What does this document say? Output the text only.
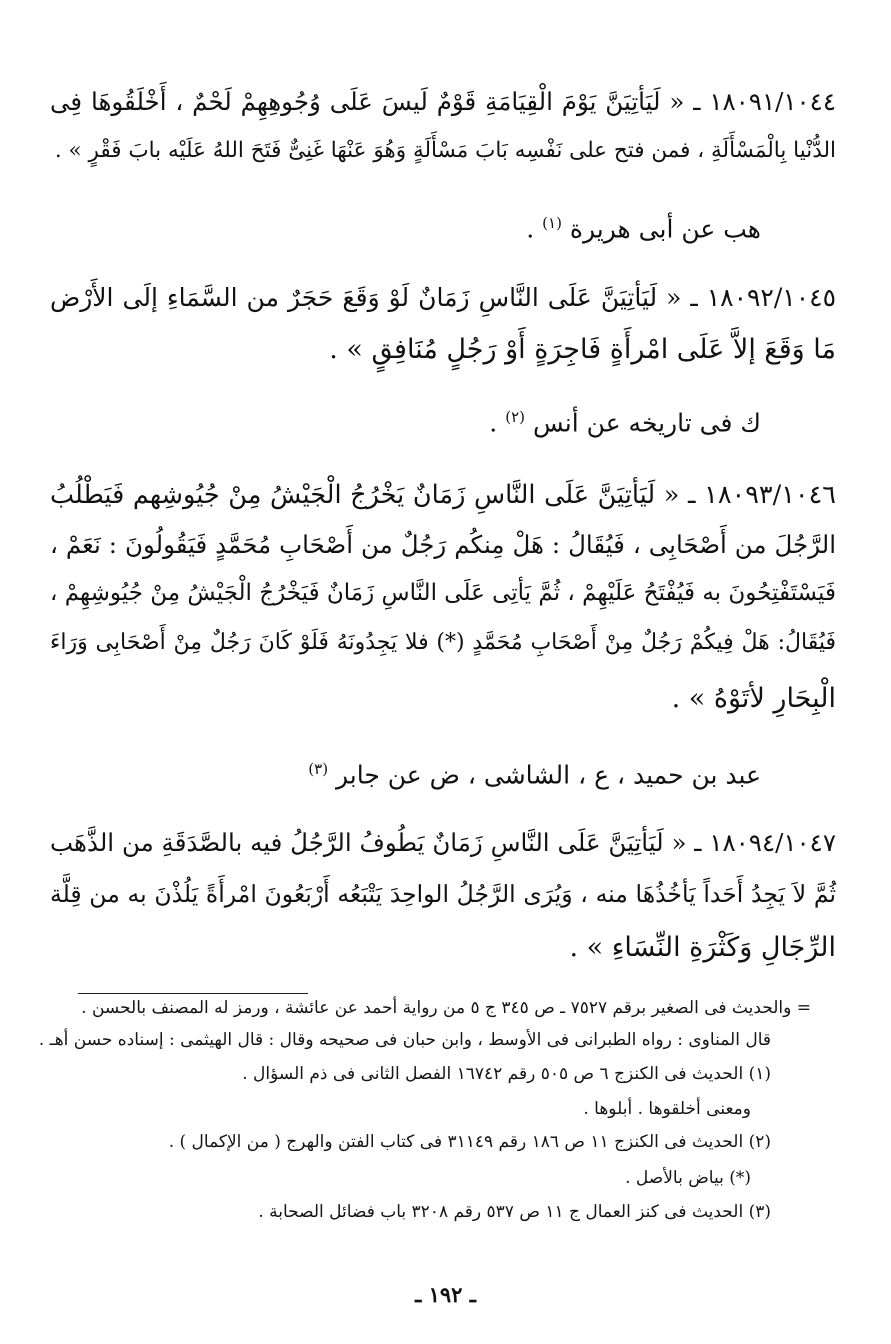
١٨٠٩١/١٠٤٤ ـ « لَيَأتِيَنَّ يَوْمَ الْقِيَامَةِ قَوْمٌ لَيسَ عَلَى وُجُوهِهِمْ لَحْمٌ ، أَخْلَقُوهَا فِى
الدُّنْيا بِالْمَسْأَلَةِ ، فمن فتح على نَفْسِه بَابَ مَسْأَلَةٍ وَهُوَ عَنْهَا غَنِىٌّ فَتَحَ اللهُ عَلَيْه بابَ فَقْرٍ » .
هب عن أبى هريرة $^{(١)}$ .
١٨٠٩٢/١٠٤٥ ـ « لَيَأتِيَنَّ عَلَى النَّاسِ زَمَانٌ لَوْ وَقَعَ حَجَرٌ من السَّمَاءِ إلَى الأَرْض
مَا وَقَعَ إلاَّ عَلَى امْرأَةٍ فَاجِرَةٍ أَوْ رَجُلٍ مُنَافِقٍ » .
ك فى تاريخه عن أنس $^{(٢)}$ .
١٨٠٩٣/١٠٤٦ ـ « لَيَأتِيَنَّ عَلَى النَّاسِ زَمَانٌ يَخْرُجُ الْجَيْشُ مِنْ جُيُوشِهم فَيَطْلُبُ
الرَّجُلَ من أَصْحَابِى ، فَيُقَالُ : هَلْ مِنكُم رَجُلٌ من أَصْحَابِ مُحَمَّدٍ فَيَقُولُونَ : نَعَمْ ،
فَيَسْتَفْتِحُونَ به فَيُفْتَحُ عَلَيْهِمْ ، ثُمَّ يَأتِى عَلَى النَّاسِ زَمَانٌ فَيَخْرُجُ الْجَيْشُ مِنْ جُيُوشِهِمْ ،
فَيُقَالُ: هَلْ فِيكُمْ رَجُلٌ مِنْ أَصْحَابِ مُحَمَّدٍ (*) فلا يَجِدُونَهُ فَلَوْ كَانَ رَجُلٌ مِنْ أَصْحَابِى وَرَاءَ
الْبِحَارِ لأتَوْهُ » .
عبد بن حميد ، ع ، الشاشى ، ض عن جابر $^{(٣)}$
١٨٠٩٤/١٠٤٧ ـ « لَيَأتِيَنَّ عَلَى النَّاسِ زَمَانٌ يَطُوفُ الرَّجُلُ فيه بالصَّدَقَةِ من الذَّهَب
ثُمَّ لاَ يَجِدُ أَحَداً يَأخُذُهَا منه ، وَيُرَى الرَّجُلُ الواحِدَ يَتْبَعُه أَرْبَعُونَ امْرأَةً يَلُذْنَ به من قِلَّة
الرِّجَالِ وَكَثْرَةِ النِّسَاءِ » .
= والحديث فى الصغير برقم ٧٥٢٧ ـ ص ٣٤٥ ج ٥ من رواية أحمد عن عائشة ، ورمز له المصنف بالحسن .
قال المناوى : رواه الطبرانى فى الأوسط ، وابن حبان فى صحيحه وقال : قال الهيثمى : إسناده حسن أهـ .
(١) الحديث فى الكنزج ٦ ص ٥٠٥ رقم ١٦٧٤٢ الفصل الثانى فى ذم السؤال .
ومعنى أخلقوها . أبلوها .
(٢) الحديث فى الكنزج ١١ ص ١٨٦ رقم ٣١١٤٩ فى كتاب الفتن والهرج ( من الإكمال ) .
(*) بياض بالأصل .
(٣) الحديث فى كنز العمال ج ١١ ص ٥٣٧ رقم ٣٢٠٨ باب فضائل الصحابة .
ـ ١٩٢ ـ
